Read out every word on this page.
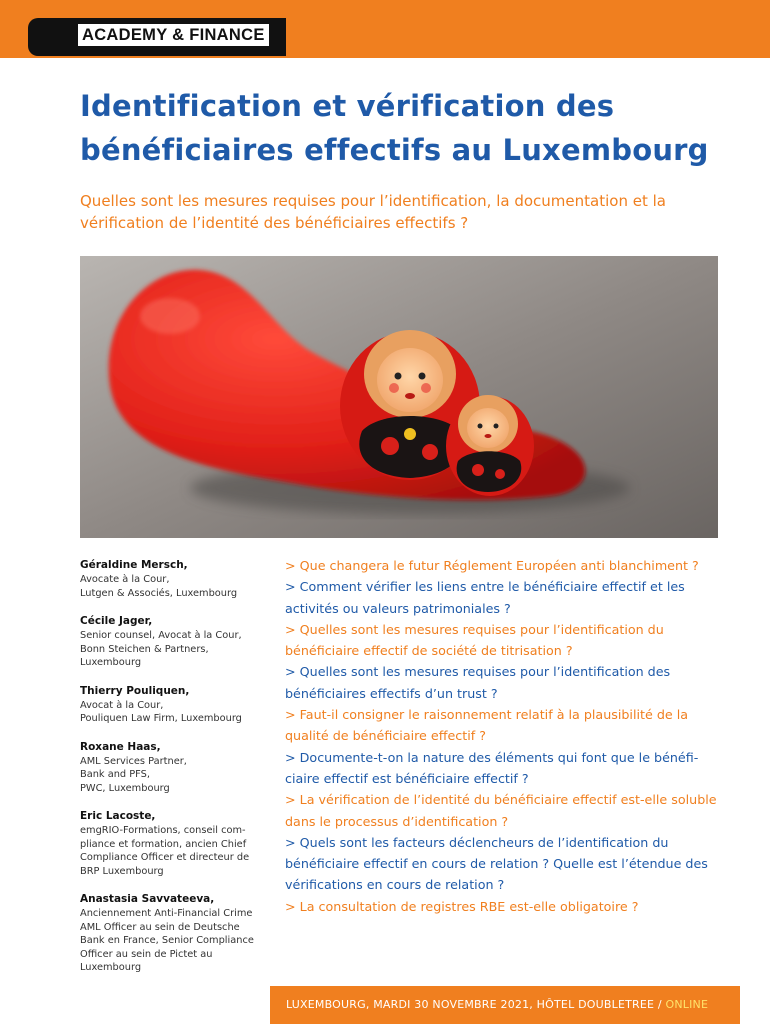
ACADEMY & FINANCE
Identification et vérification des bénéficiaires effectifs au Luxembourg

Quelles sont les mesures requises pour l’identification, la documentation et la vérification de l’identité des bénéficiaires effectifs ?

Géraldine Mersch,
Avocate à la Cour,
Lutgen & Associés, Luxembourg
Cécile Jager,
Senior counsel, Avocat à la Cour,
Bonn Steichen & Partners,
Luxembourg
Thierry Pouliquen,
Avocat à la Cour,
Pouliquen Law Firm, Luxembourg
Roxane Haas,
AML Services Partner,
Bank and PFS,
PWC, Luxembourg
Eric Lacoste,
emgRIO-Formations, conseil com-
pliance et formation, ancien Chief
Compliance Officer et directeur de
BRP Luxembourg
Anastasia Savvateeva,
Anciennement Anti-Financial Crime
AML Officer au sein de Deutsche
Bank en France, Senior Compliance
Officer au sein de Pictet au
Luxembourg
> Que changera le futur Réglement Européen anti blanchiment ?
> Comment vérifier les liens entre le bénéficiaire effectif et les activités ou valeurs patrimoniales ?
> Quelles sont les mesures requises pour l’identification du bénéficiaire effectif de société de titrisation ?
> Quelles sont les mesures requises pour l’identification des bénéficiaires effectifs d’un trust ?
> Faut-il consigner le raisonnement relatif à la plausibilité de la qualité de bénéficiaire effectif ?
> Documente-t-on la nature des éléments qui font que le bénéfi-ciaire effectif est bénéficiaire effectif ?
> La vérification de l’identité du bénéficiaire effectif est-elle soluble dans le processus d’identification ?
> Quels sont les facteurs déclencheurs de l’identification du bénéficiaire effectif en cours de relation ? Quelle est l’étendue des vérifications en cours de relation ?
> La consultation de registres RBE est-elle obligatoire ?
LUXEMBOURG, MARDI 30 NOVEMBRE 2021, HÔTEL DOUBLETREE / ONLINE
